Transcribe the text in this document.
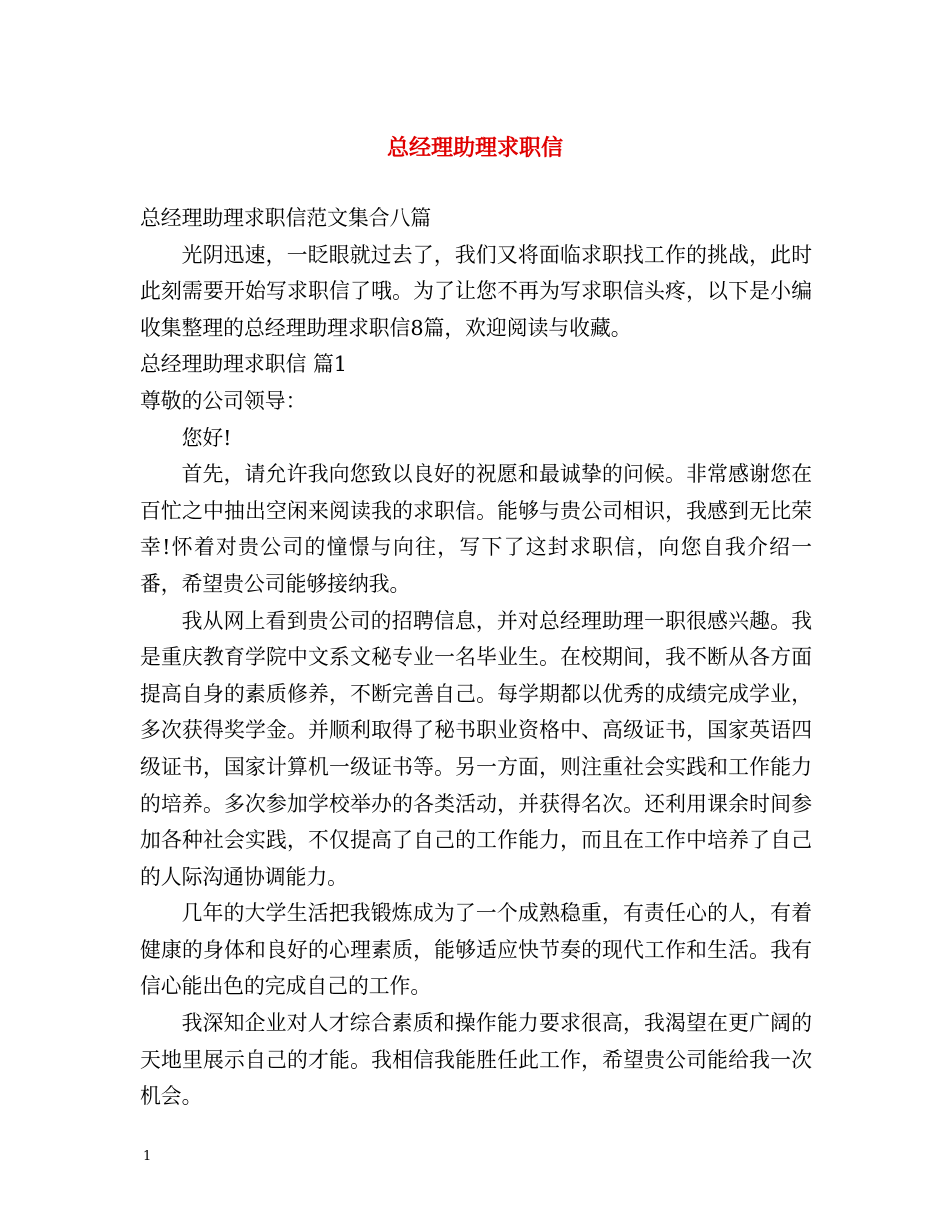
总经理助理求职信

总经理助理求职信范文集合八篇

光阴迅速，一眨眼就过去了，我们又将面临求职找工作的挑战，此时此刻需要开始写求职信了哦。为了让您不再为写求职信头疼，以下是小编收集整理的总经理助理求职信8篇，欢迎阅读与收藏。

总经理助理求职信 篇1

尊敬的公司领导：

您好!

首先，请允许我向您致以良好的祝愿和最诚挚的问候。非常感谢您在百忙之中抽出空闲来阅读我的求职信。能够与贵公司相识，我感到无比荣幸!怀着对贵公司的憧憬与向往，写下了这封求职信，向您自我介绍一番，希望贵公司能够接纳我。

我从网上看到贵公司的招聘信息，并对总经理助理一职很感兴趣。我是重庆教育学院中文系文秘专业一名毕业生。在校期间，我不断从各方面提高自身的素质修养，不断完善自己。每学期都以优秀的成绩完成学业，多次获得奖学金。并顺利取得了秘书职业资格中、高级证书，国家英语四级证书，国家计算机一级证书等。另一方面，则注重社会实践和工作能力的培养。多次参加学校举办的各类活动，并获得名次。还利用课余时间参加各种社会实践，不仅提高了自己的工作能力，而且在工作中培养了自己的人际沟通协调能力。

几年的大学生活把我锻炼成为了一个成熟稳重，有责任心的人，有着健康的身体和良好的心理素质，能够适应快节奏的现代工作和生活。我有信心能出色的完成自己的工作。

我深知企业对人才综合素质和操作能力要求很高，我渴望在更广阔的天地里展示自己的才能。我相信我能胜任此工作，希望贵公司能给我一次机会。

1
